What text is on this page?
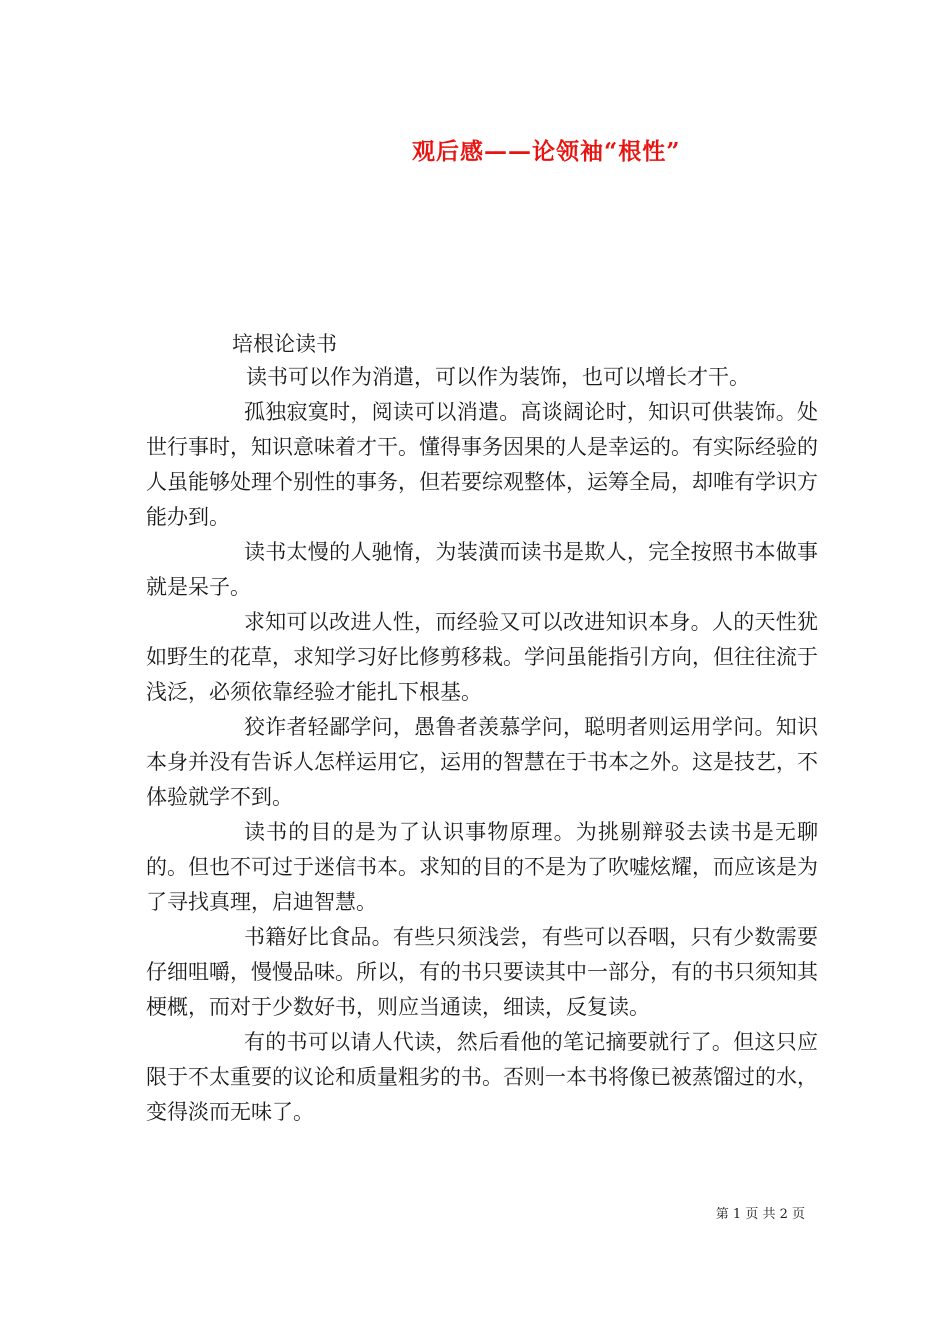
观后感——论领袖“根性”
培根论读书

读书可以作为消遣，可以作为装饰，也可以增长才干。

孤独寂寞时，阅读可以消遣。高谈阔论时，知识可供装饰。处世行事时，知识意味着才干。懂得事务因果的人是幸运的。有实际经验的人虽能够处理个别性的事务，但若要综观整体，运筹全局，却唯有学识方能办到。

读书太慢的人驰惰，为装潢而读书是欺人，完全按照书本做事就是呆子。

求知可以改进人性，而经验又可以改进知识本身。人的天性犹如野生的花草，求知学习好比修剪移栽。学问虽能指引方向，但往往流于浅泛，必须依靠经验才能扎下根基。

狡诈者轻鄙学问，愚鲁者羡慕学问，聪明者则运用学问。知识本身并没有告诉人怎样运用它，运用的智慧在于书本之外。这是技艺，不体验就学不到。

读书的目的是为了认识事物原理。为挑剔辩驳去读书是无聊的。但也不可过于迷信书本。求知的目的不是为了吹嘘炫耀，而应该是为了寻找真理，启迪智慧。

书籍好比食品。有些只须浅尝，有些可以吞咽，只有少数需要仔细咀嚼，慢慢品味。所以，有的书只要读其中一部分，有的书只须知其梗概，而对于少数好书，则应当通读，细读，反复读。

有的书可以请人代读，然后看他的笔记摘要就行了。但这只应限于不太重要的议论和质量粗劣的书。否则一本书将像已被蒸馏过的水，变得淡而无味了。

第 1 页 共 2 页
